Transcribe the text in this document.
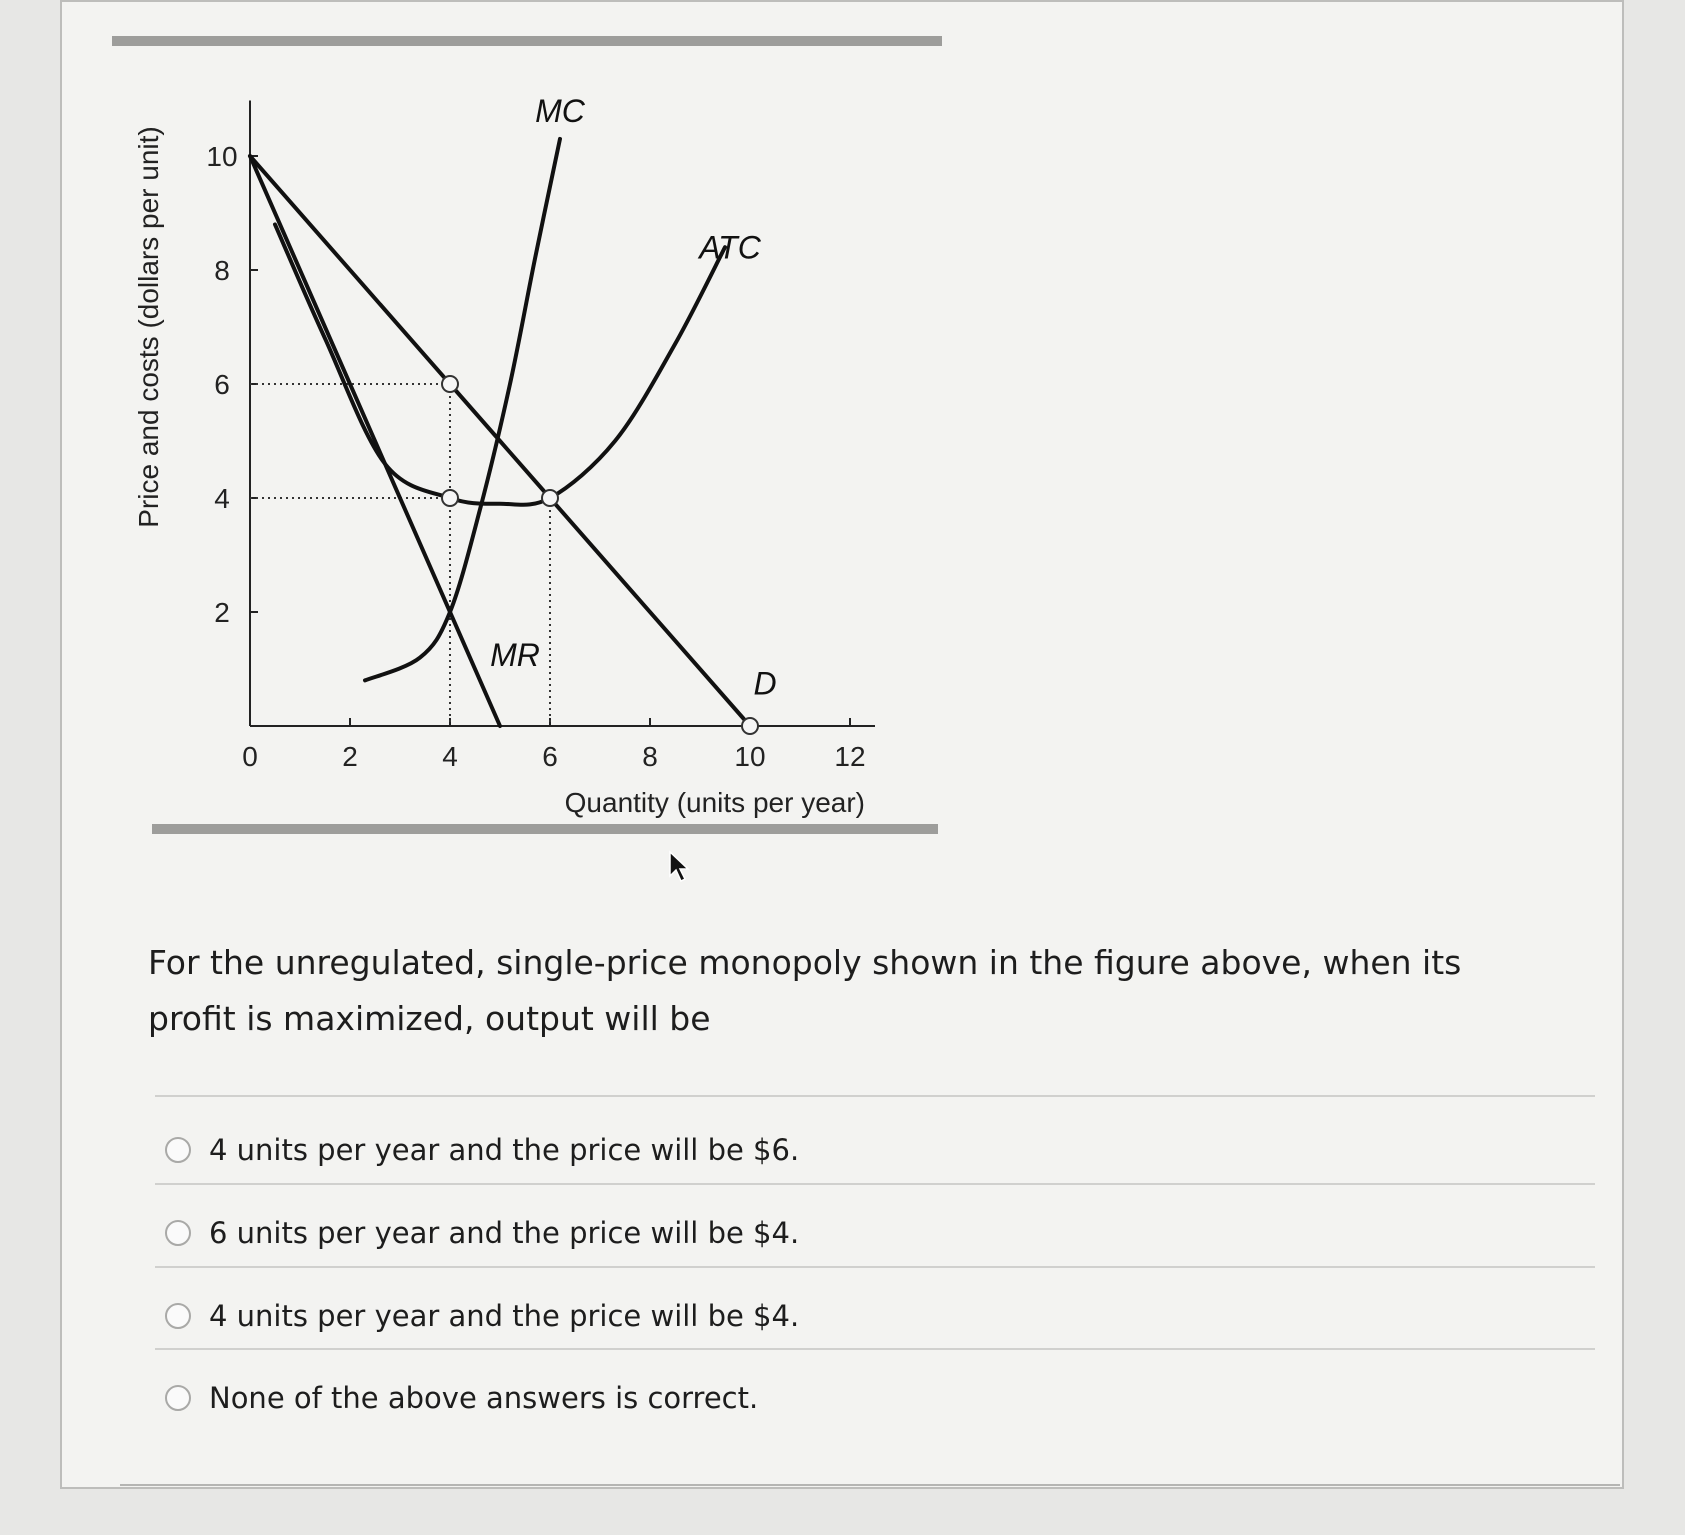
0	2	4	6	8	10 12
2
4
6
8
10
Quantity (units per year)
Price and costs (dollars per unit)
MC
ATC
MR
D
For the unregulated, single-price monopoly shown in the figure above, when its profit is maximized, output will be
4 units per year and the price will be $6.
6 units per year and the price will be $4.
4 units per year and the price will be $4.
None of the above answers is correct.
